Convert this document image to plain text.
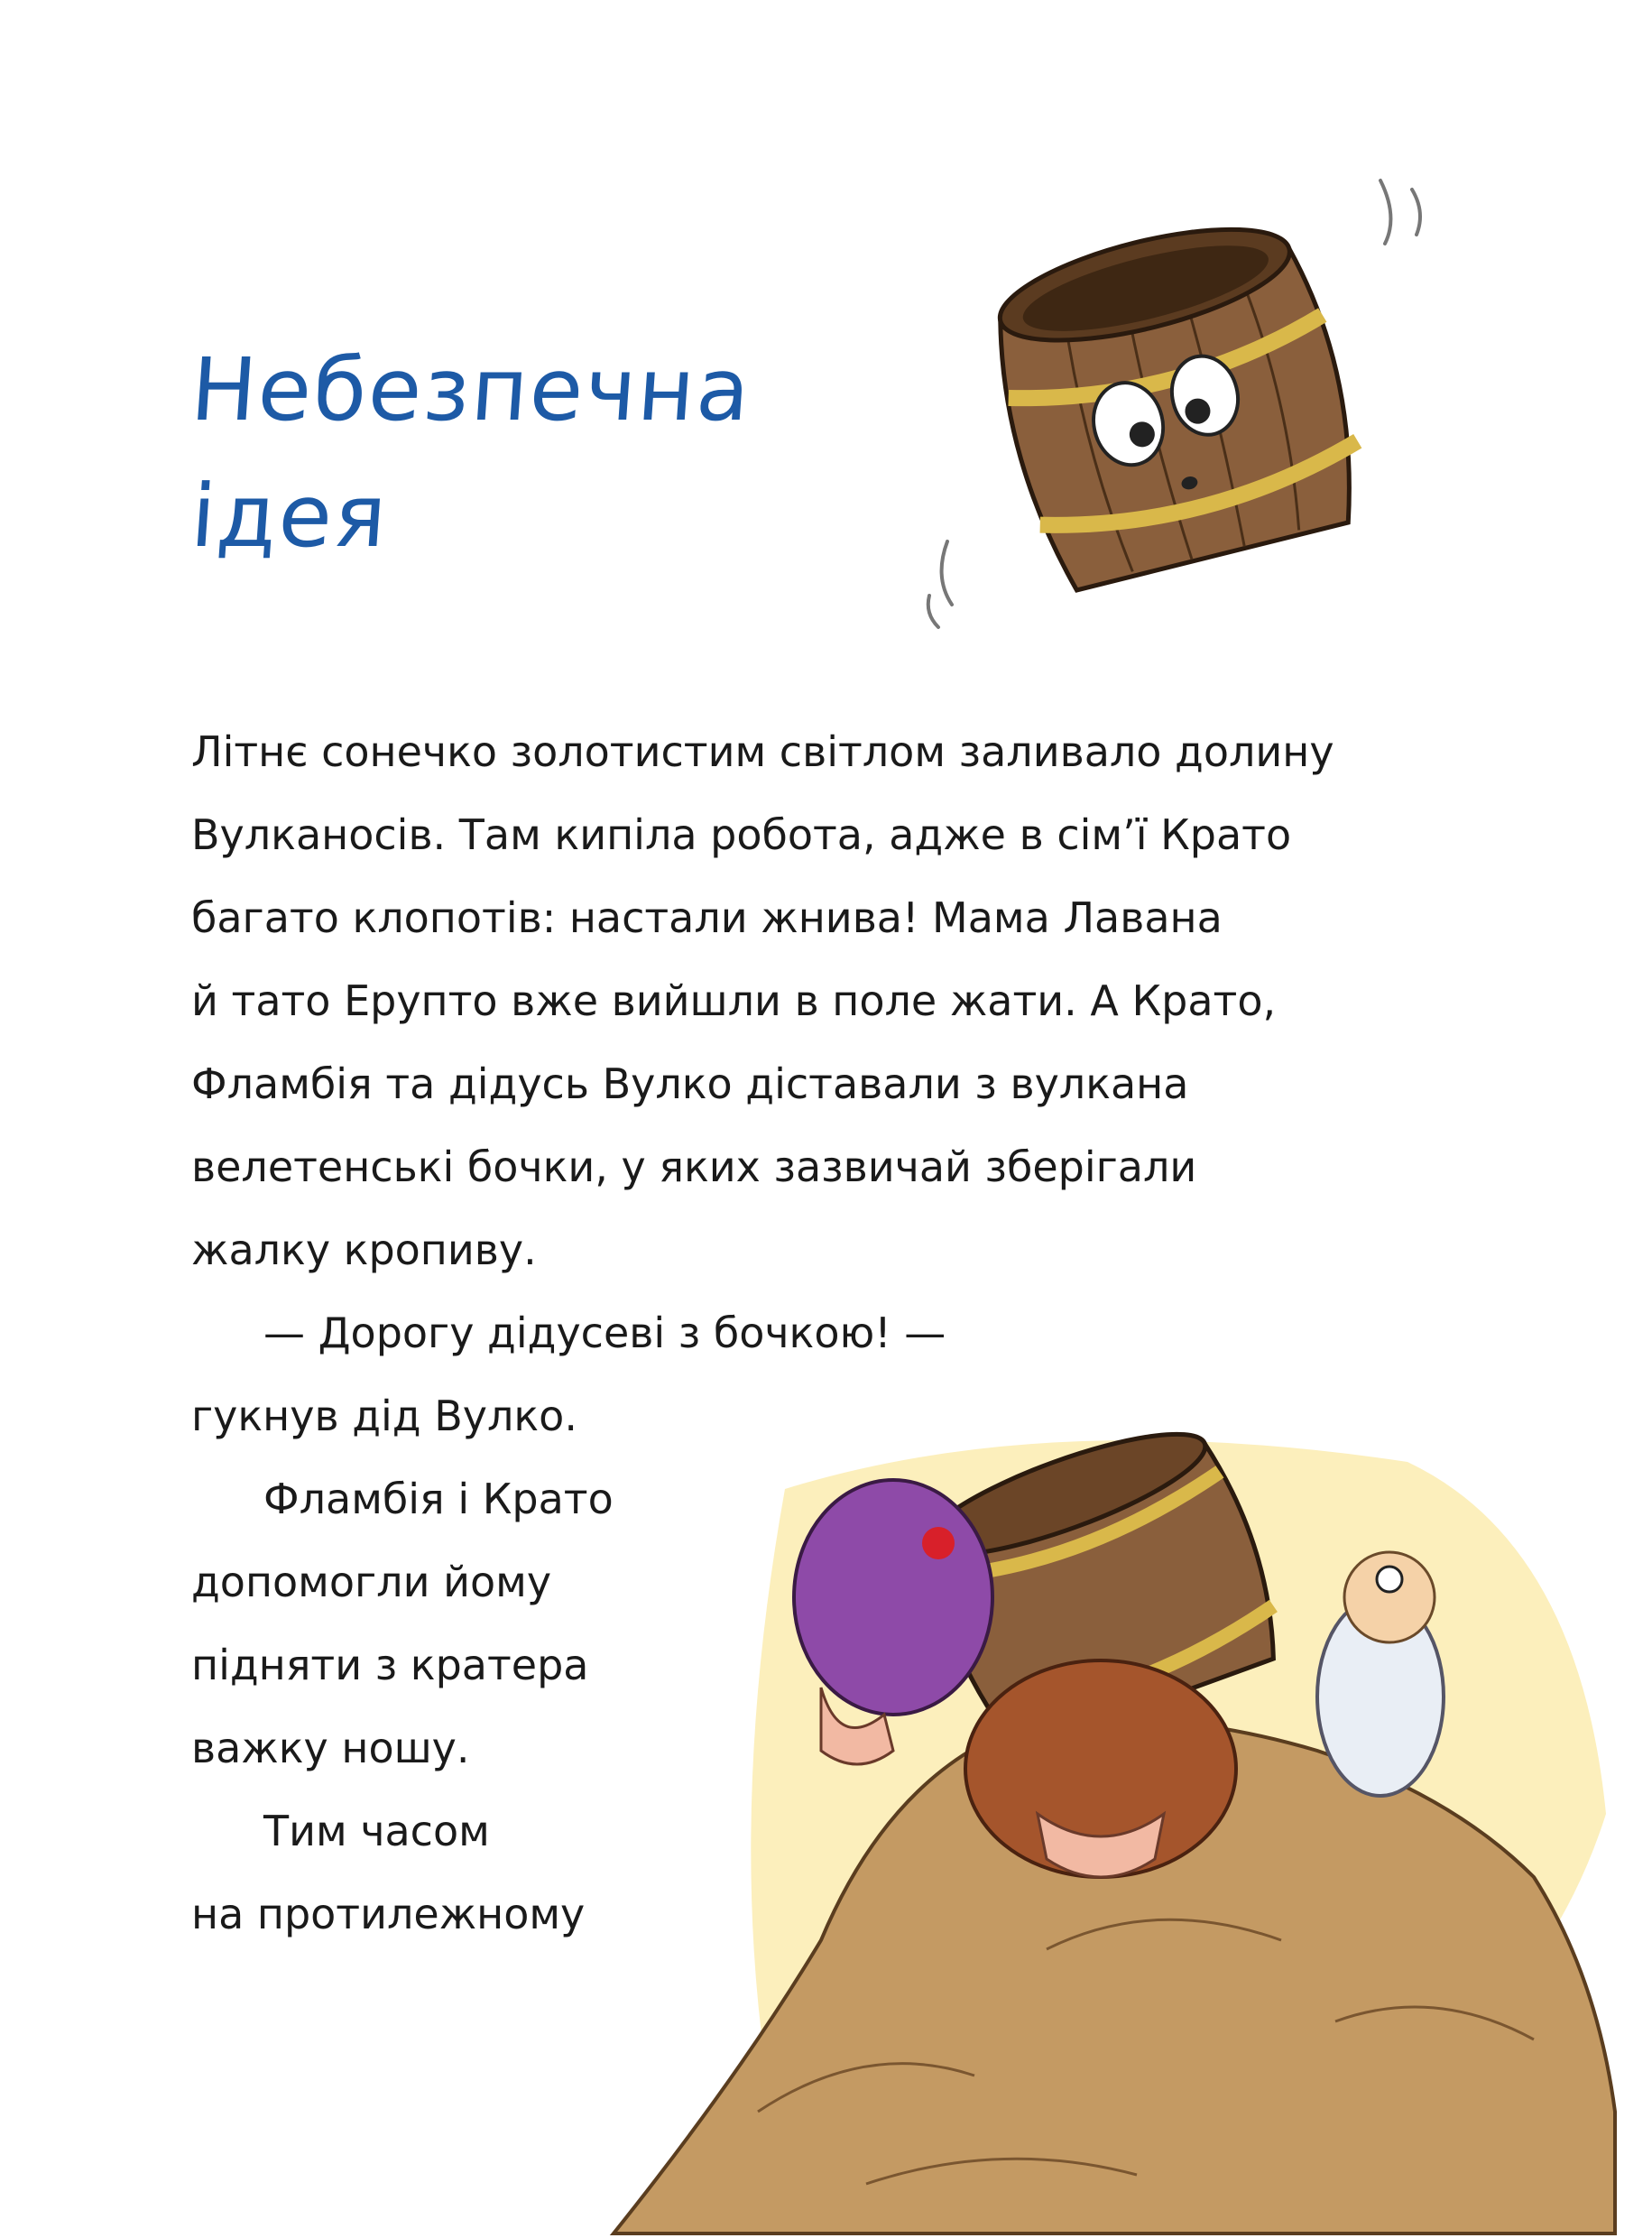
Небезпечна
ідея
Літнє сонечко золотистим світлом заливало долину
Вулканосів. Там кипіла робота, адже в сім’ї Крато
багато клопотів: настали жнива! Мама Лавана
й тато Ерупто вже вийшли в поле жати. А Крато,
Фламбія та дідусь Вулко діставали з вулкана
велетенські бочки, у яких зазвичай зберігали
жалку кропиву.
— Дорогу дідусеві з бочкою! —
гукнув дід Вулко.
Фламбія і Крато
допомогли йому
підняти з кратера
важку ношу.
Тим часом
на протилежному
